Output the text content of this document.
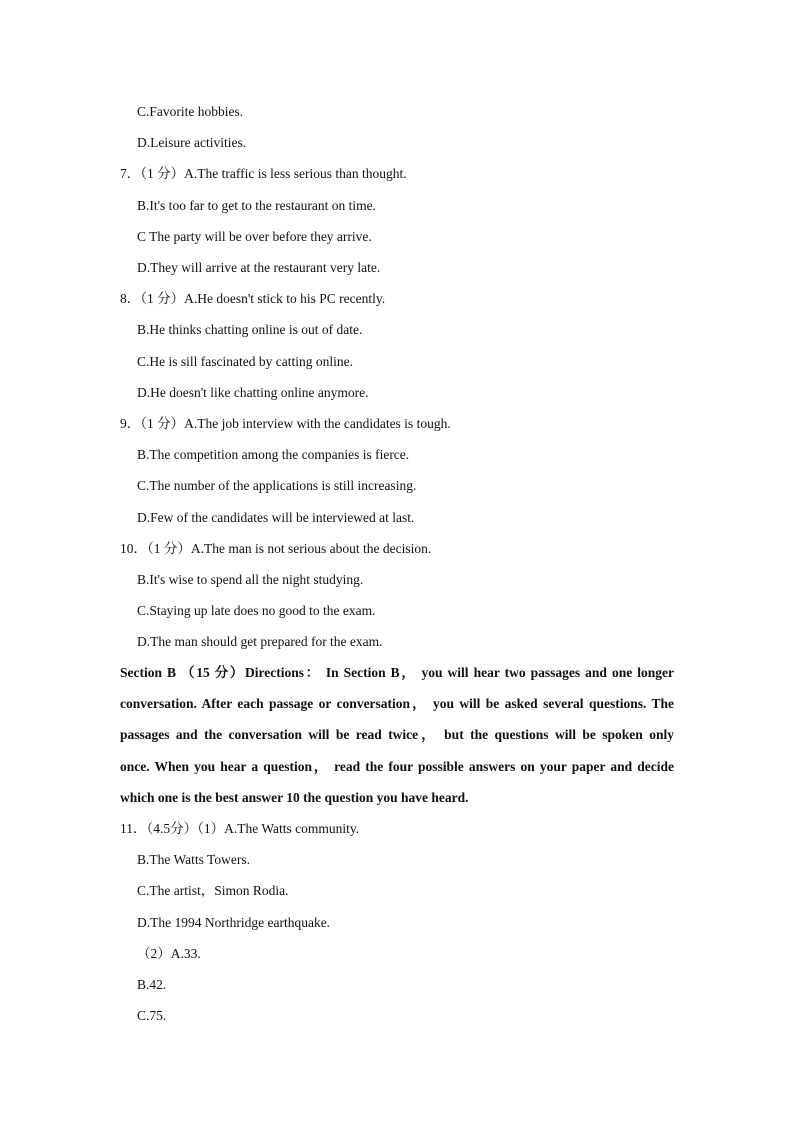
C.Favorite hobbies.
D.Leisure activities.
7．（1 分）A.The traffic is less serious than thought.
B.It's too far to get to the restaurant on time.
C The party will be over before they arrive.
D.They will arrive at the restaurant very late.
8．（1 分）A.He doesn't stick to his PC recently.
B.He thinks chatting online is out of date.
C.He is sill fascinated by catting online.
D.He doesn't like chatting online anymore.
9．（1 分）A.The job interview with the candidates is tough.
B.The competition among the companies is fierce.
C.The number of the applications is still increasing.
D.Few of the candidates will be interviewed at last.
10．（1 分）A.The man is not serious about the decision.
B.It's wise to spend all the night studying.
C.Staying up late does no good to the exam.
D.The man should get prepared for the exam.
Section B （15 分）Directions： In Section B， you will hear two passages and one longer
conversation. After each passage or conversation， you will be asked several questions. The
passages and the conversation will be read twice， but the questions will be spoken only
once. When you hear a question， read the four possible answers on your paper and decide
which one is the best answer 10 the question you have heard.
11．（4.5分）（1）A.The Watts community.
B.The Watts Towers.
C.The artist，Simon Rodia.
D.The 1994 Northridge earthquake.
（2）A.33.
B.42.
C.75.
